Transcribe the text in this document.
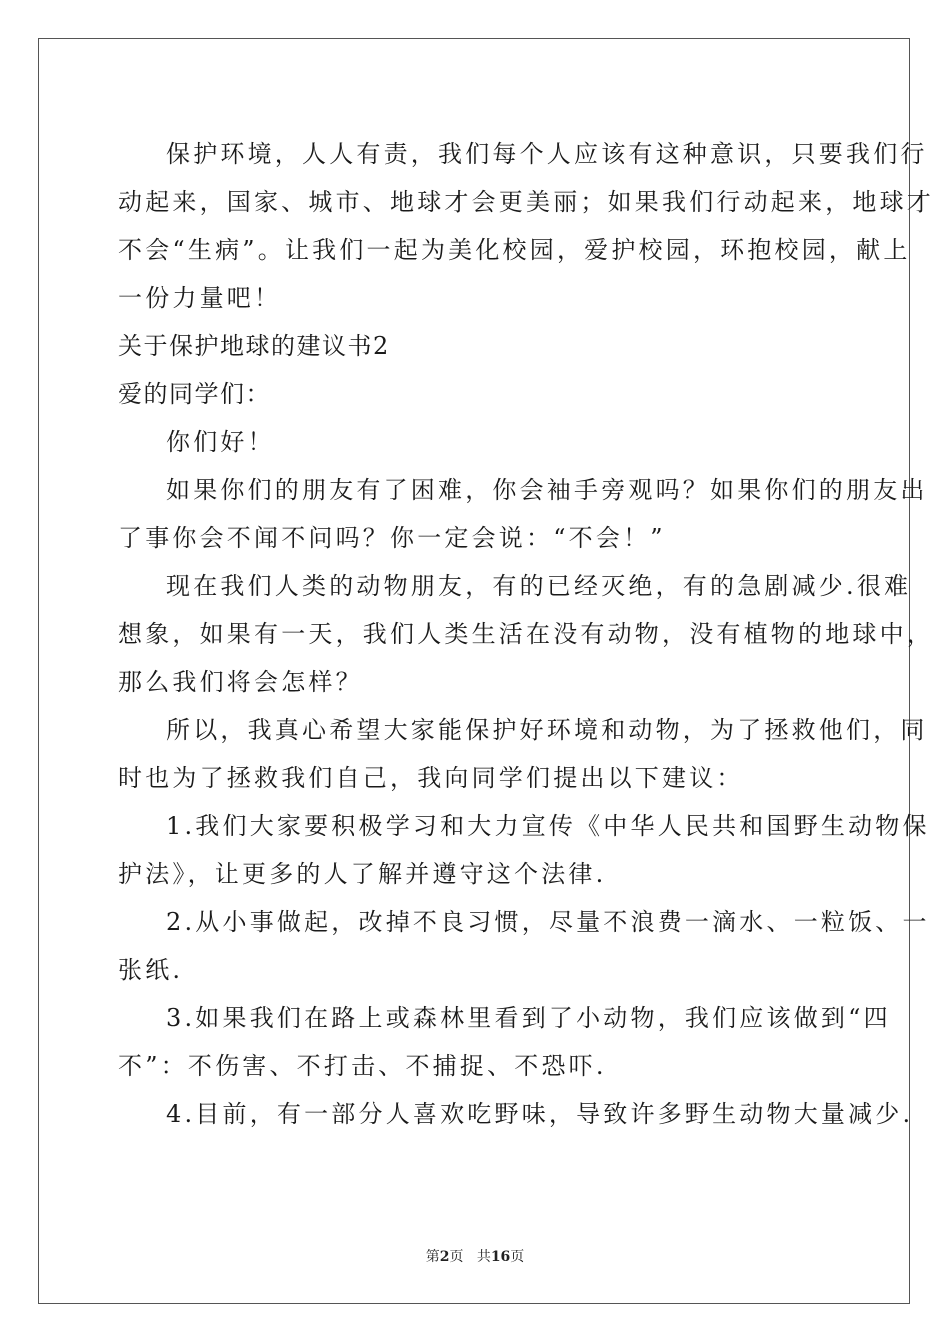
保护环境，人人有责，我们每个人应该有这种意识，只要我们行
动起来，国家、城市、地球才会更美丽；如果我们行动起来，地球才
不会“生病”。让我们一起为美化校园，爱护校园，环抱校园，献上
一份力量吧！
关于保护地球的建议书2
爱的同学们：
你们好！
如果你们的朋友有了困难，你会袖手旁观吗？如果你们的朋友出
了事你会不闻不问吗？你一定会说：“不会！”
现在我们人类的动物朋友，有的已经灭绝，有的急剧减少.很难
想象，如果有一天，我们人类生活在没有动物，没有植物的地球中，
那么我们将会怎样？
所以，我真心希望大家能保护好环境和动物，为了拯救他们，同
时也为了拯救我们自己，我向同学们提出以下建议：
1.我们大家要积极学习和大力宣传《中华人民共和国野生动物保
护法》，让更多的人了解并遵守这个法律.
2.从小事做起，改掉不良习惯，尽量不浪费一滴水、一粒饭、一
张纸.
3.如果我们在路上或森林里看到了小动物，我们应该做到“四
不”：不伤害、不打击、不捕捉、不恐吓.
4.目前，有一部分人喜欢吃野味，导致许多野生动物大量减少.
第2页 共16页
